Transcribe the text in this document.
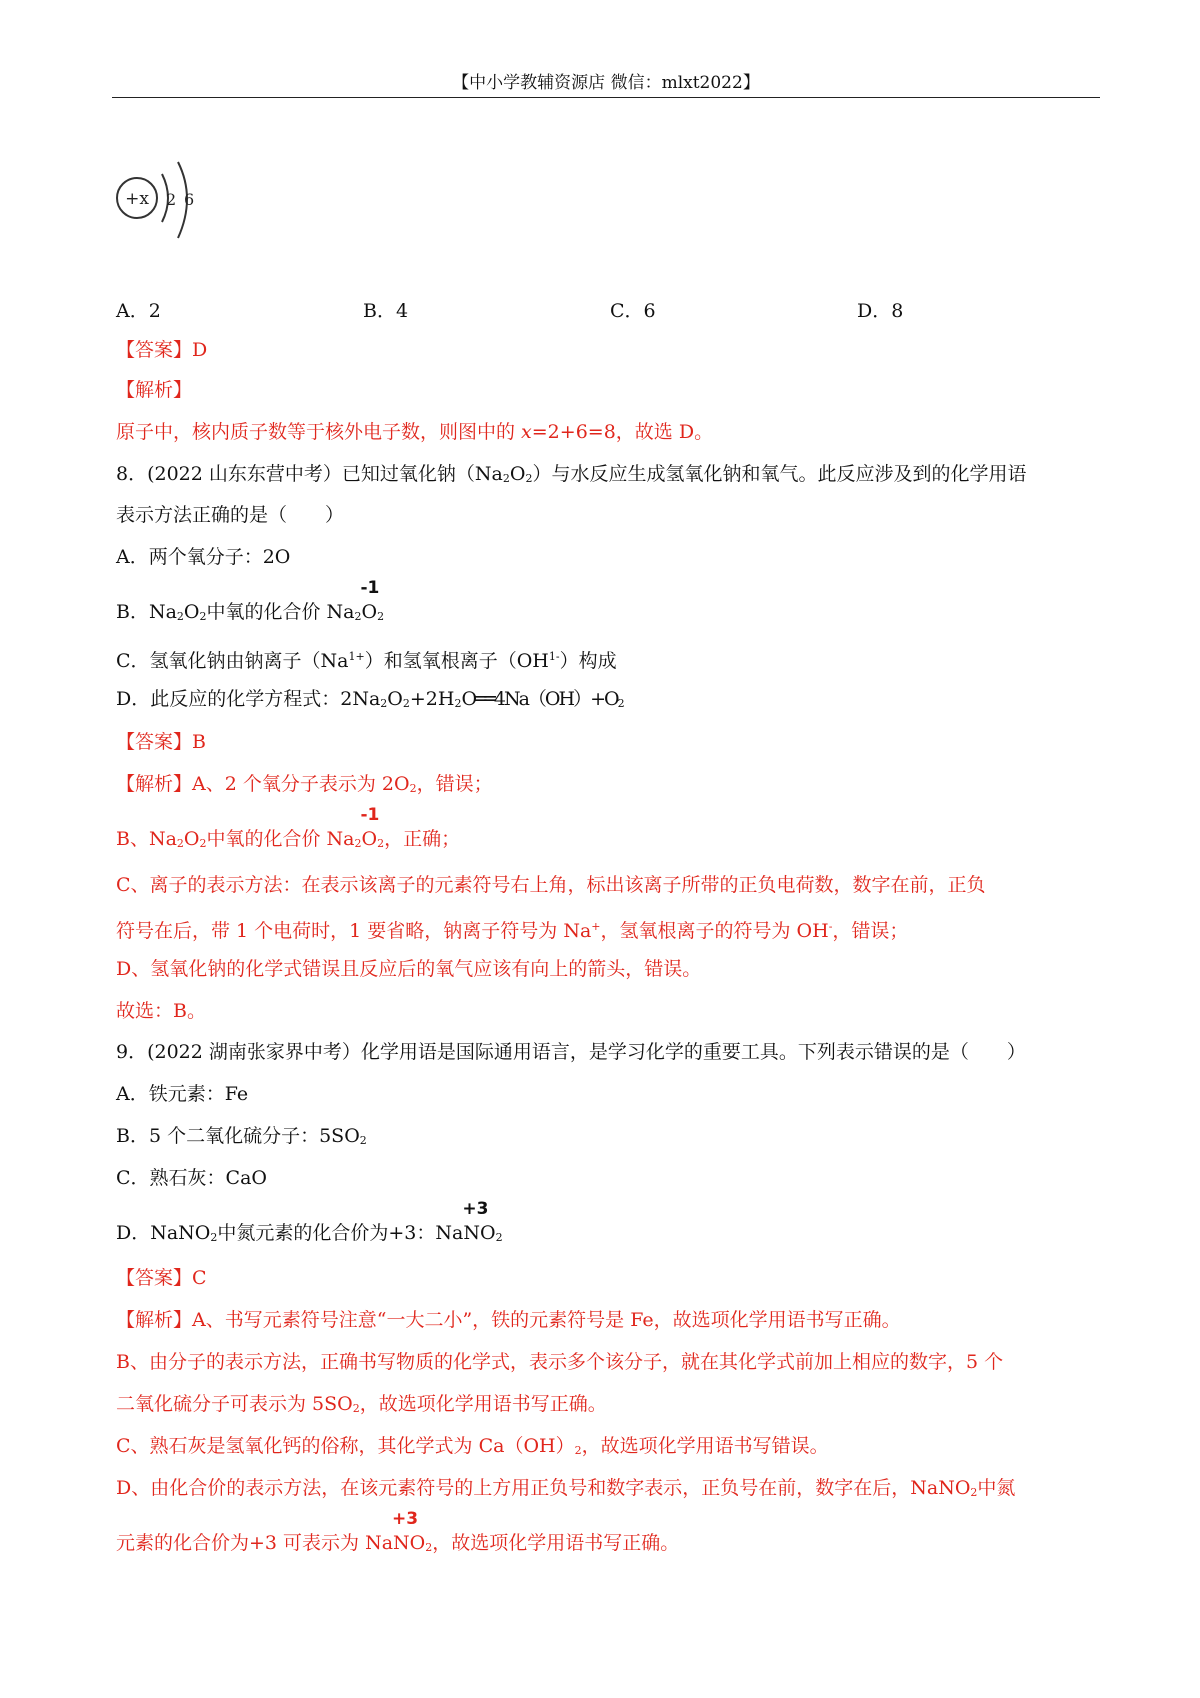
【中小学教辅资源店 微信：mlxt2022】
+x 2 6
A．2	B．4	C．6	D．8
【答案】D
【解析】
原子中，核内质子数等于核外电子数，则图中的 x=2+6=8，故选 D。
8．(2022 山东东营中考）已知过氧化钠$(Na_2O_2)$与水反应生成氢氧化钠和氧气。此反应涉及到的化学用语
表示方法正确的是（　　）
A．两个氧分子：2O
B．$Na_2O_2$中氧的化合价 $Na_2$
-1
$O_2$
C．氢氧化钠由钠离子$(Na^{1+})$和氢氧根离子$(OH^{1-})$构成
D．此反应的化学方程式：$2Na_2O_2+2H_2O══4Na(OH)+O_2$
【答案】B
【解析】A、2 个氧分子表示为 $2O_2$，错误；
B、$Na_2O_2$中氧的化合价 $Na_2$
-1
$O_2$，正确；
C、离子的表示方法：在表示该离子的元素符号右上角，标出该离子所带的正负电荷数，数字在前，正负
符号在后，带 1 个电荷时，1 要省略，钠离子符号为 Na+，氢氧根离子的符号为 OH-，错误；
D、氢氧化钠的化学式错误且反应后的氧气应该有向上的箭头，错误。
故选：B。
9．(2022 湖南张家界中考）化学用语是国际通用语言，是学习化学的重要工具。下列表示错误的是（　　）
A．铁元素：Fe
B．5 个二氧化硫分子：$5SO_2$
C．熟石灰：CaO
D．NaNO$_2$中氮元素的化合价为+3：Na
+3
$NO_2$
【答案】C
【解析】A、书写元素符号注意“一大二小”，铁的元素符号是 Fe，故选项化学用语书写正确。
B、由分子的表示方法，正确书写物质的化学式，表示多个该分子，就在其化学式前加上相应的数字，5 个
二氧化硫分子可表示为 $5SO_2$，故选项化学用语书写正确。
C、熟石灰是氢氧化钙的俗称，其化学式为 $Ca(OH)_2$，故选项化学用语书写错误。
D、由化合价的表示方法，在该元素符号的上方用正负号和数字表示，正负号在前，数字在后，NaNO$_2$中氮
元素的化合价为+3 可表示为 Na
+3
$NO_2$，故选项化学用语书写正确。
